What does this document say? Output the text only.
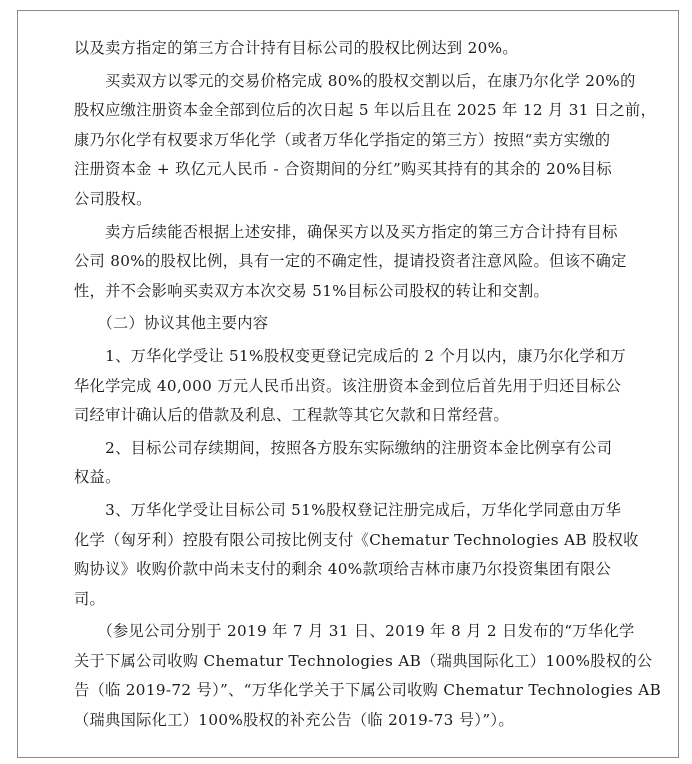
以及卖方指定的第三方合计持有目标公司的股权比例达到 20%。
　　买卖双方以零元的交易价格完成 80%的股权交割以后，在康乃尔化学 20%的
股权应缴注册资本金全部到位后的次日起 5 年以后且在 2025 年 12 月 31 日之前，
康乃尔化学有权要求万华化学（或者万华化学指定的第三方）按照“卖方实缴的
注册资本金 + 玖亿元人民币 - 合资期间的分红”购买其持有的其余的 20%目标
公司股权。
　　卖方后续能否根据上述安排，确保买方以及买方指定的第三方合计持有目标
公司 80%的股权比例，具有一定的不确定性，提请投资者注意风险。但该不确定
性，并不会影响买卖双方本次交易 51%目标公司股权的转让和交割。
　　（二）协议其他主要内容
　　1、万华化学受让 51%股权变更登记完成后的 2 个月以内，康乃尔化学和万
华化学完成 40,000 万元人民币出资。该注册资本金到位后首先用于归还目标公
司经审计确认后的借款及利息、工程款等其它欠款和日常经营。
　　2、目标公司存续期间，按照各方股东实际缴纳的注册资本金比例享有公司
权益。
　　3、万华化学受让目标公司 51%股权登记注册完成后，万华化学同意由万华
化学（匈牙利）控股有限公司按比例支付《Chematur Technologies AB 股权收
购协议》收购价款中尚未支付的剩余 40%款项给吉林市康乃尔投资集团有限公
司。
　　（参见公司分别于 2019 年 7 月 31 日、2019 年 8 月 2 日发布的“万华化学
关于下属公司收购 Chematur Technologies AB（瑞典国际化工）100%股权的公
告（临 2019-72 号）”、“万华化学关于下属公司收购 Chematur Technologies AB
（瑞典国际化工）100%股权的补充公告（临 2019-73 号）”）。
